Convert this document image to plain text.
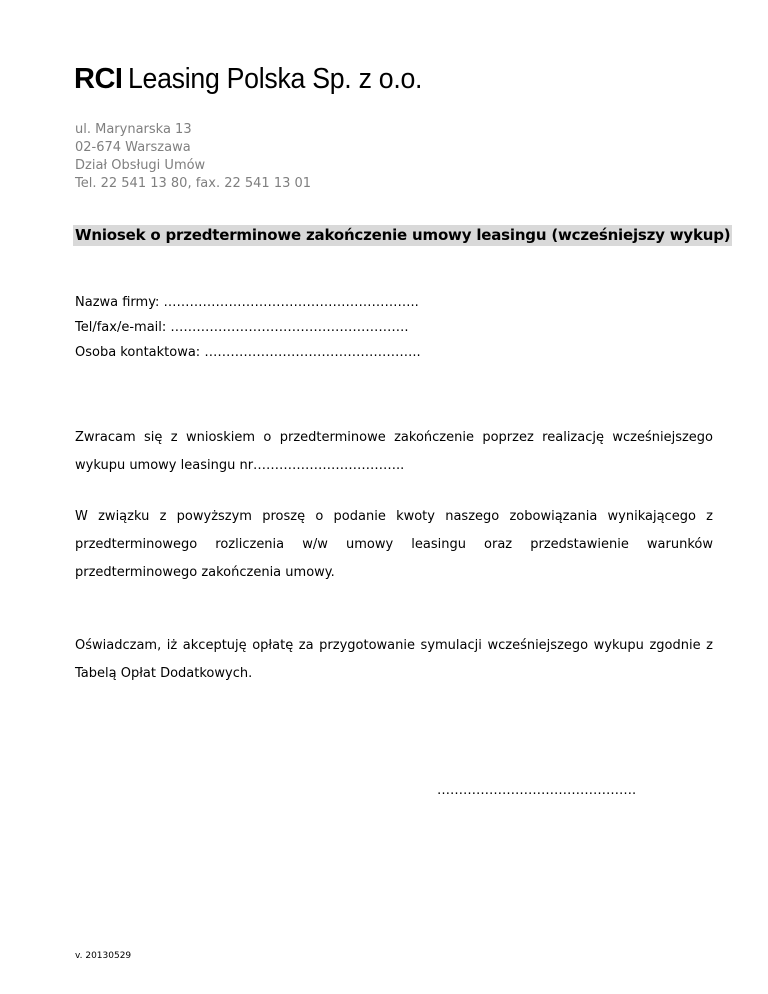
RCI Leasing Polska Sp. z o.o.
ul. Marynarska 13
02-674 Warszawa
Dział Obsługi Umów
Tel. 22 541 13 80, fax. 22 541 13 01
Wniosek o przedterminowe zakończenie umowy leasingu (wcześniejszy wykup)
Nazwa firmy: …………………………………………………..
Tel/fax/e-mail: ……………………………………………….
Osoba kontaktowa: …………………………………………..
Zwracam się z wnioskiem o przedterminowe zakończenie poprzez realizację wcześniejszego wykupu umowy leasingu nr……………………………..
W związku z powyższym proszę o podanie kwoty naszego zobowiązania wynikającego z przedterminowego rozliczenia w/w umowy leasingu oraz przedstawienie warunków przedterminowego zakończenia umowy.
Oświadczam, iż akceptuję opłatę za przygotowanie symulacji wcześniejszego wykupu zgodnie z Tabelą Opłat Dodatkowych.
……………………………………….
v. 20130529
